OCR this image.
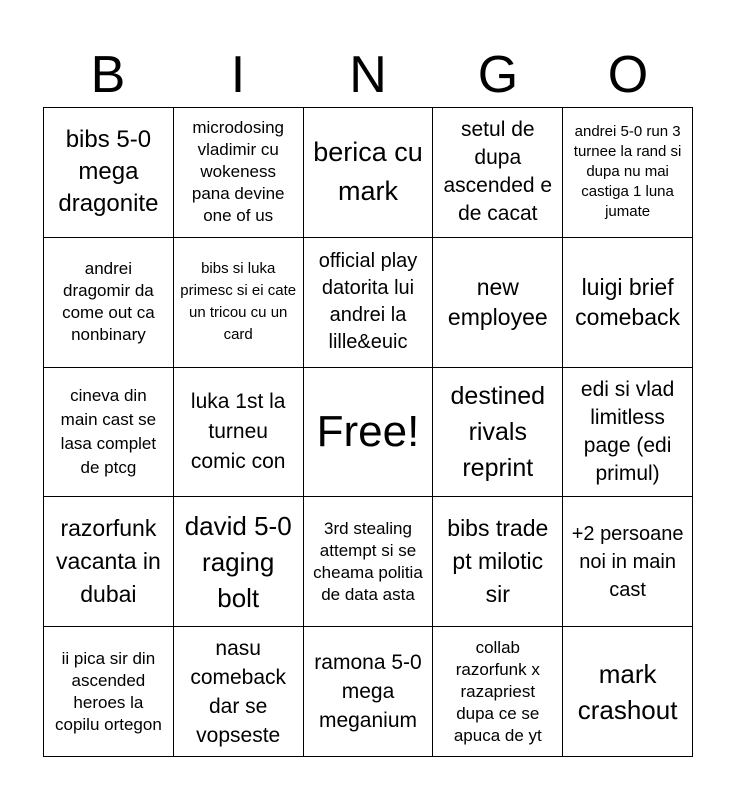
B	I	N	G	O
bibs 5-0 mega dragonite
microdosing vladimir cu wokeness pana devine one of us
berica cu mark
setul de dupa ascended e de cacat
andrei 5-0 run 3 turnee la rand si dupa nu mai castiga 1 luna jumate
andrei dragomir da come out ca nonbinary
bibs si luka primesc si ei cate un tricou cu un card
official play datorita lui andrei la lille&euic
new employee
luigi brief comeback
cineva din main cast se lasa complet de ptcg
luka 1st la turneu comic con
Free!
destined rivals reprint
edi si vlad limitless page (edi primul)
razorfunk vacanta in dubai
david 5-0 raging bolt
3rd stealing attempt si se cheama politia de data asta
bibs trade pt milotic sir
+2 persoane noi in main cast
ii pica sir din ascended heroes la copilu ortegon
nasu comeback dar se vopseste
ramona 5-0 mega meganium
collab razorfunk x razapriest dupa ce se apuca de yt
mark crashout
